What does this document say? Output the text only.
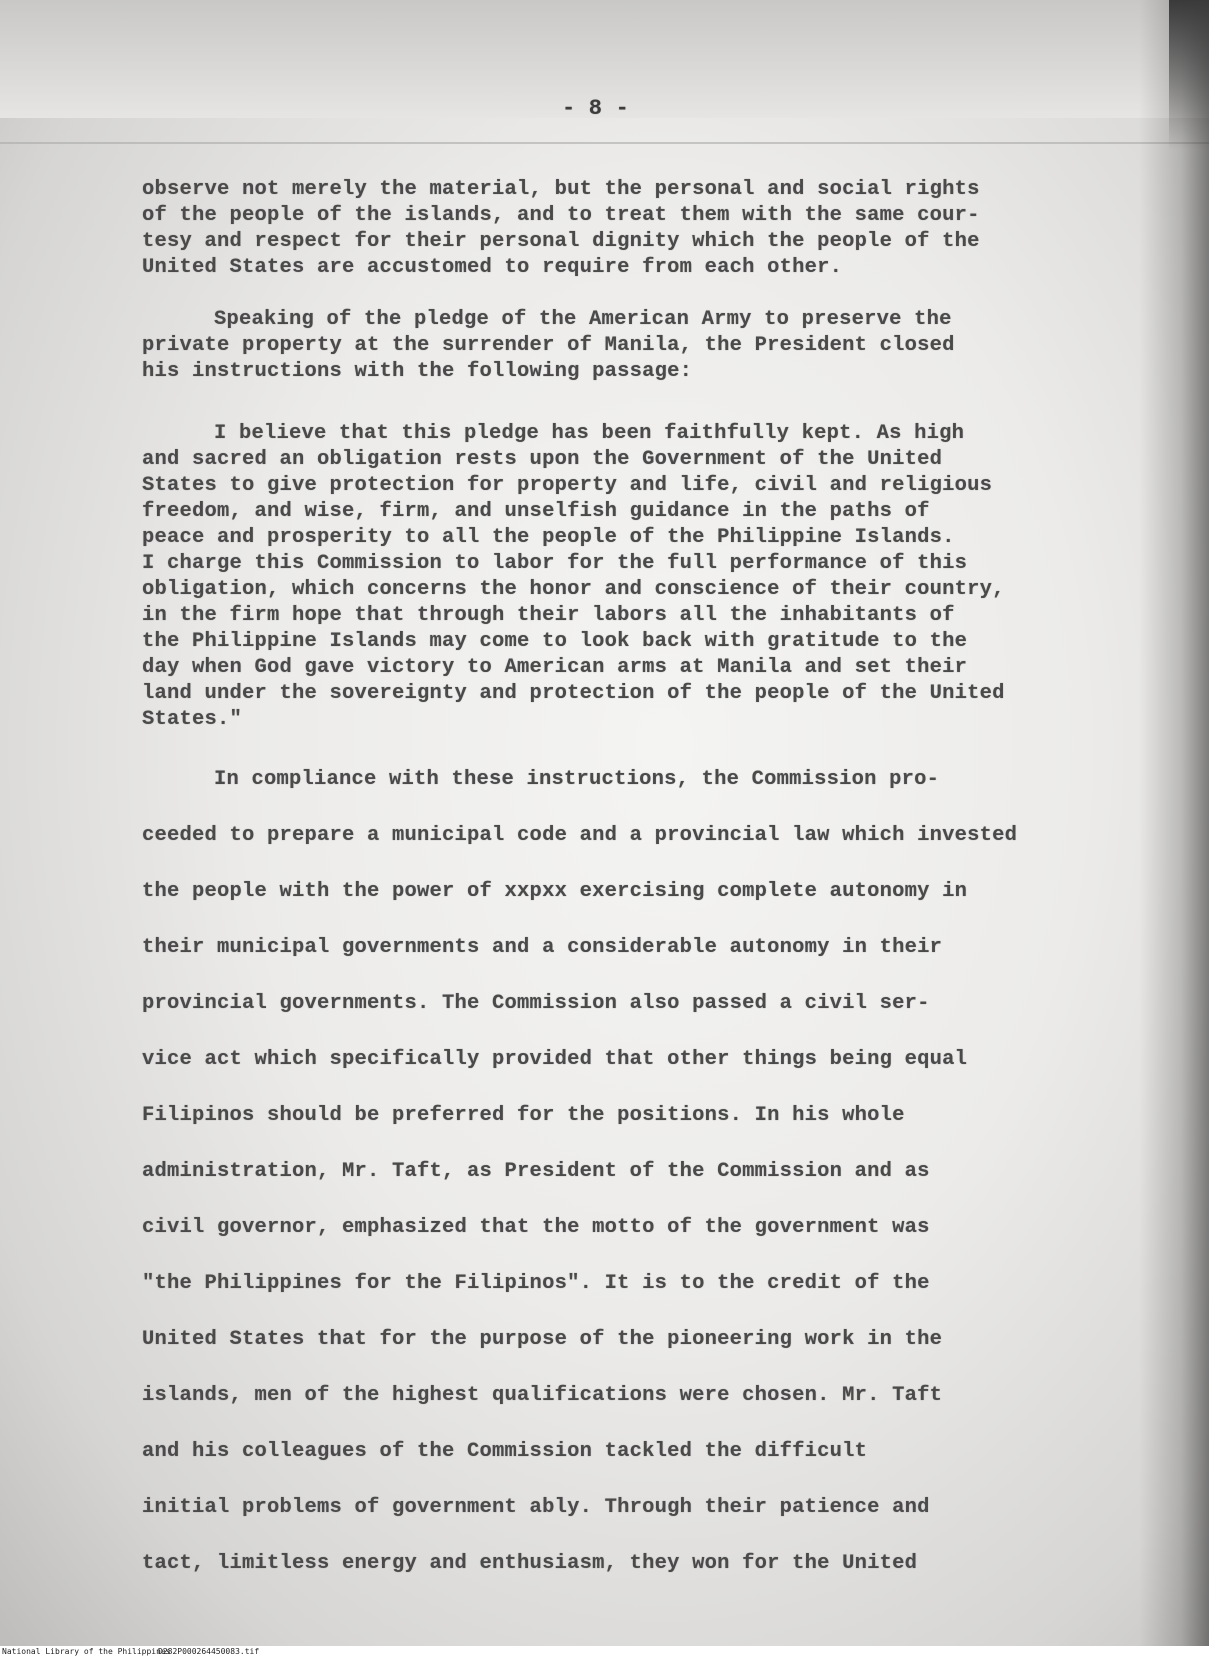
- 8 -
observe not merely the material, but the personal and social rights
of the people of the islands, and to treat them with the same cour-
tesy and respect for their personal dignity which the people of the
United States are accustomed to require from each other.
Speaking of the pledge of the American Army to preserve the
private property at the surrender of Manila, the President closed
his instructions with the following passage:
I believe that this pledge has been faithfully kept. As high
and sacred an obligation rests upon the Government of the United
States to give protection for property and life, civil and religious
freedom, and wise, firm, and unselfish guidance in the paths of
peace and prosperity to all the people of the Philippine Islands.
I charge this Commission to labor for the full performance of this
obligation, which concerns the honor and conscience of their country,
in the firm hope that through their labors all the inhabitants of
the Philippine Islands may come to look back with gratitude to the
day when God gave victory to American arms at Manila and set their
land under the sovereignty and protection of the people of the United
States."
In compliance with these instructions, the Commission pro-
ceeded to prepare a municipal code and a provincial law which invested
the people with the power of xxpxx exercising complete autonomy in
their municipal governments and a considerable autonomy in their
provincial governments. The Commission also passed a civil ser-
vice act which specifically provided that other things being equal
Filipinos should be preferred for the positions. In his whole
administration, Mr. Taft, as President of the Commission and as
civil governor, emphasized that the motto of the government was
"the Philippines for the Filipinos". It is to the credit of the
United States that for the purpose of the pioneering work in the
islands, men of the highest qualifications were chosen. Mr. Taft
and his colleagues of the Commission tackled the difficult
initial problems of government ably. Through their patience and
tact, limitless energy and enthusiasm, they won for the United
National Library of the Philippines
D282P000264450083.tif
